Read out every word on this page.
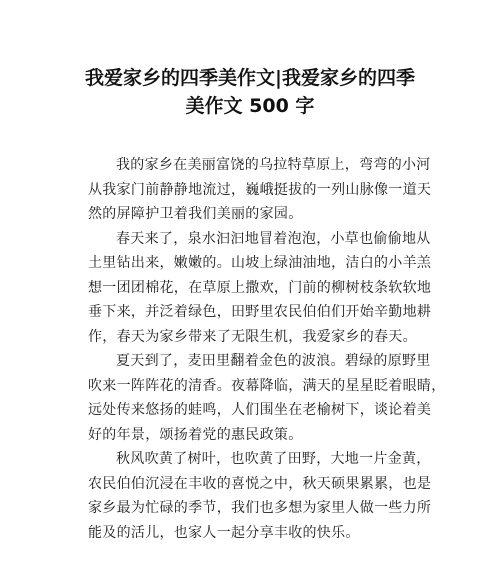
我爱家乡的四季美作文|我爱家乡的四季
美作文 500 字

我的家乡在美丽富饶的乌拉特草原上，弯弯的小河
从我家门前静静地流过，巍峨挺拔的一列山脉像一道天
然的屏障护卫着我们美丽的家园。

春天来了，泉水汩汩地冒着泡泡，小草也偷偷地从
土里钻出来，嫩嫩的。山坡上绿油油地，洁白的小羊羔
想一团团棉花，在草原上撒欢，门前的柳树枝条软软地
垂下来，并泛着绿色，田野里农民伯伯们开始辛勤地耕
作，春天为家乡带来了无限生机，我爱家乡的春天。

夏天到了，麦田里翻着金色的波浪。碧绿的原野里
吹来一阵阵花的清香。夜幕降临，满天的星星眨着眼睛，
远处传来悠扬的蛙鸣，人们围坐在老榆树下，谈论着美
好的年景，颂扬着党的惠民政策。

秋风吹黄了树叶，也吹黄了田野，大地一片金黄，
农民伯伯沉浸在丰收的喜悦之中，秋天硕果累累，也是
家乡最为忙碌的季节，我们也多想为家里人做一些力所
能及的活儿，也家人一起分享丰收的快乐。
